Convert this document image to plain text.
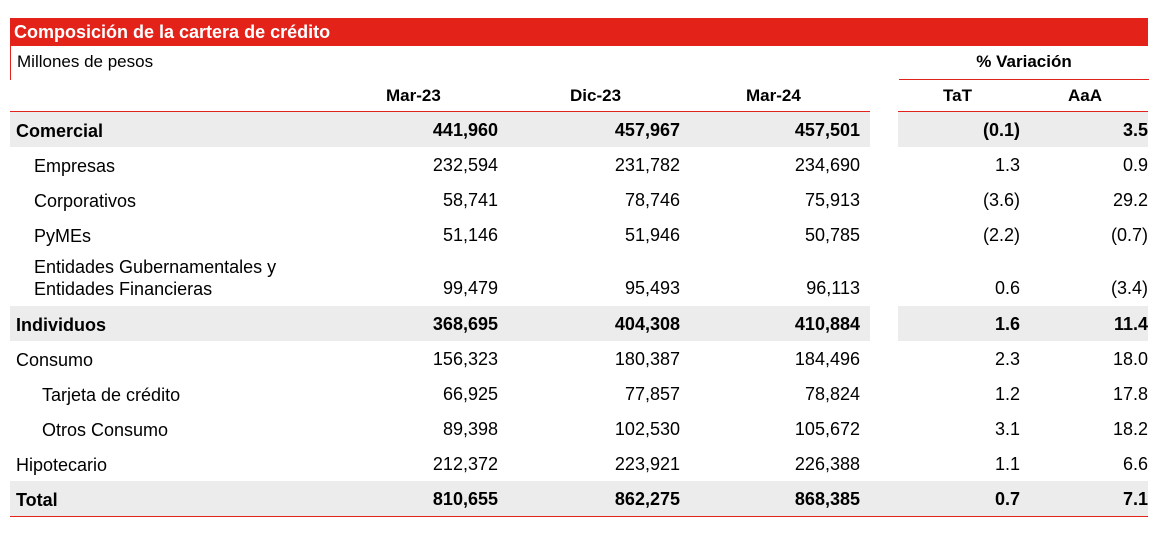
Composición de la cartera de crédito
Millones de pesos	% Variación
Mar-23	Dic-23	Mar-24	TaT	AaA
Comercial	441,960	457,967	457,501	(0.1)	3.5
Empresas	232,594	231,782	234,690	1.3	0.9
Corporativos	58,741	78,746	75,913	(3.6)	29.2
PyMEs	51,146	51,946	50,785	(2.2)	(0.7)
Entidades Gubernamentales y
Entidades Financieras	99,479	95,493	96,113	0.6	(3.4)
Individuos	368,695	404,308	410,884	1.6	11.4
Consumo	156,323	180,387	184,496	2.3	18.0
Tarjeta de crédito	66,925	77,857	78,824	1.2	17.8
Otros Consumo	89,398	102,530	105,672	3.1	18.2
Hipotecario	212,372	223,921	226,388	1.1	6.6
Total	810,655	862,275	868,385	0.7	7.1
